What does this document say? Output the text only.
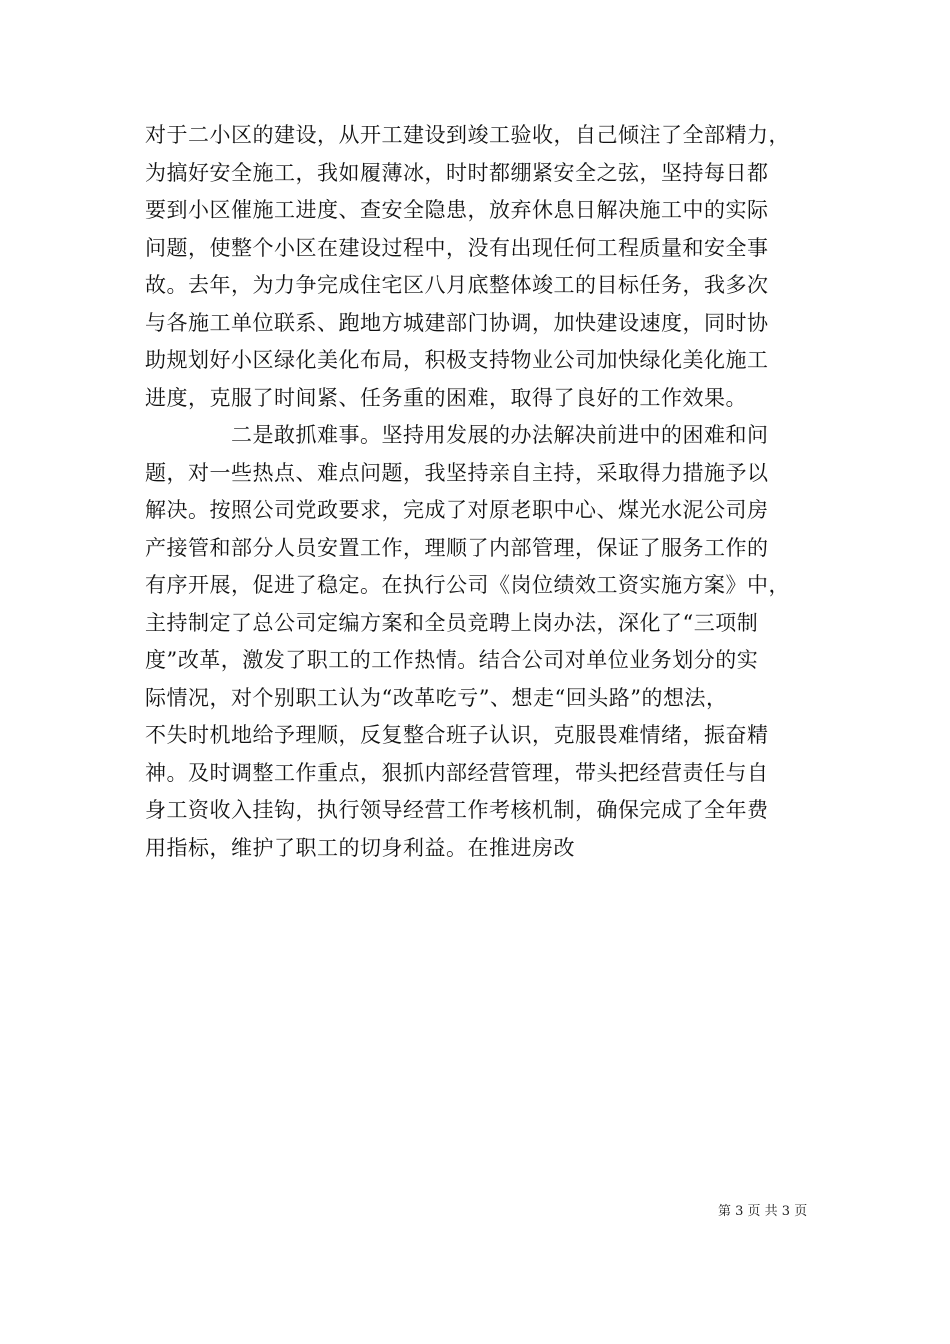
对于二小区的建设，从开工建设到竣工验收，自己倾注了全部精力，
为搞好安全施工，我如履薄冰，时时都绷紧安全之弦，坚持每日都
要到小区催施工进度、查安全隐患，放弃休息日解决施工中的实际
问题，使整个小区在建设过程中，没有出现任何工程质量和安全事
故。去年，为力争完成住宅区八月底整体竣工的目标任务，我多次
与各施工单位联系、跑地方城建部门协调，加快建设速度，同时协
助规划好小区绿化美化布局，积极支持物业公司加快绿化美化施工
进度，克服了时间紧、任务重的困难，取得了良好的工作效果。
　　　　二是敢抓难事。坚持用发展的办法解决前进中的困难和问
题，对一些热点、难点问题，我坚持亲自主持，采取得力措施予以
解决。按照公司党政要求，完成了对原老职中心、煤光水泥公司房
产接管和部分人员安置工作，理顺了内部管理，保证了服务工作的
有序开展，促进了稳定。在执行公司《岗位绩效工资实施方案》中，
主持制定了总公司定编方案和全员竞聘上岗办法，深化了“三项制
度”改革，激发了职工的工作热情。结合公司对单位业务划分的实
际情况，对个别职工认为“改革吃亏”、想走“回头路”的想法，
不失时机地给予理顺，反复整合班子认识，克服畏难情绪，振奋精
神。及时调整工作重点，狠抓内部经营管理，带头把经营责任与自
身工资收入挂钩，执行领导经营工作考核机制，确保完成了全年费
用指标，维护了职工的切身利益。在推进房改
第 3 页 共 3 页
